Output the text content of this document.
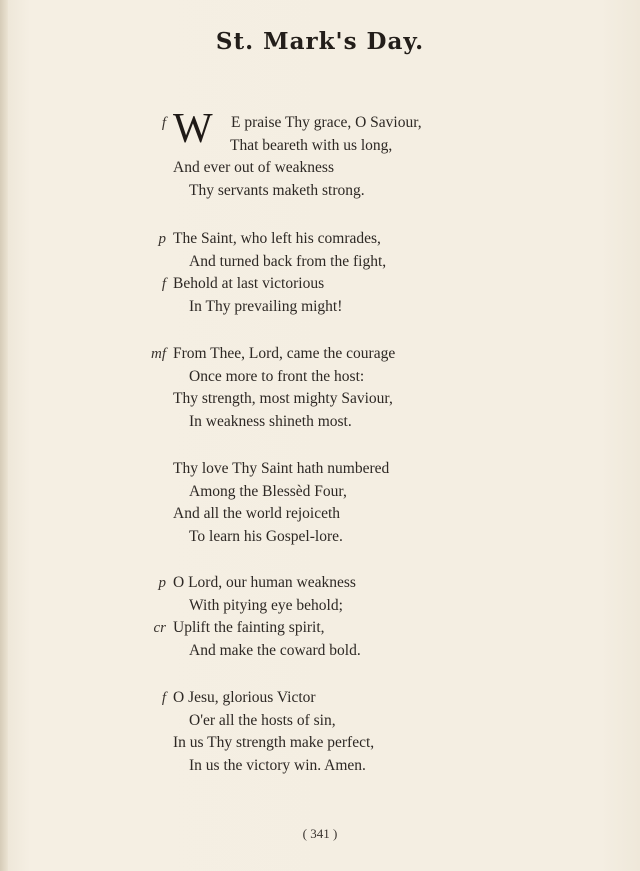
St. Mark's Day.
W
f	E praise Thy grace, O Saviour,
That beareth with us long,
And ever out of weakness
Thy servants maketh strong.
p The Saint, who left his comrades,
And turned back from the fight,
f Behold at last victorious
In Thy prevailing might!
mf From Thee, Lord, came the courage
Once more to front the host:
Thy strength, most mighty Saviour,
In weakness shineth most.
Thy love Thy Saint hath numbered
Among the Blessèd Four,
And all the world rejoiceth
To learn his Gospel-lore.
p O Lord, our human weakness
With pitying eye behold;
cr Uplift the fainting spirit,
And make the coward bold.
f O Jesu, glorious Victor
O'er all the hosts of sin,
In us Thy strength make perfect,
In us the victory win. Amen.
( 341 )
